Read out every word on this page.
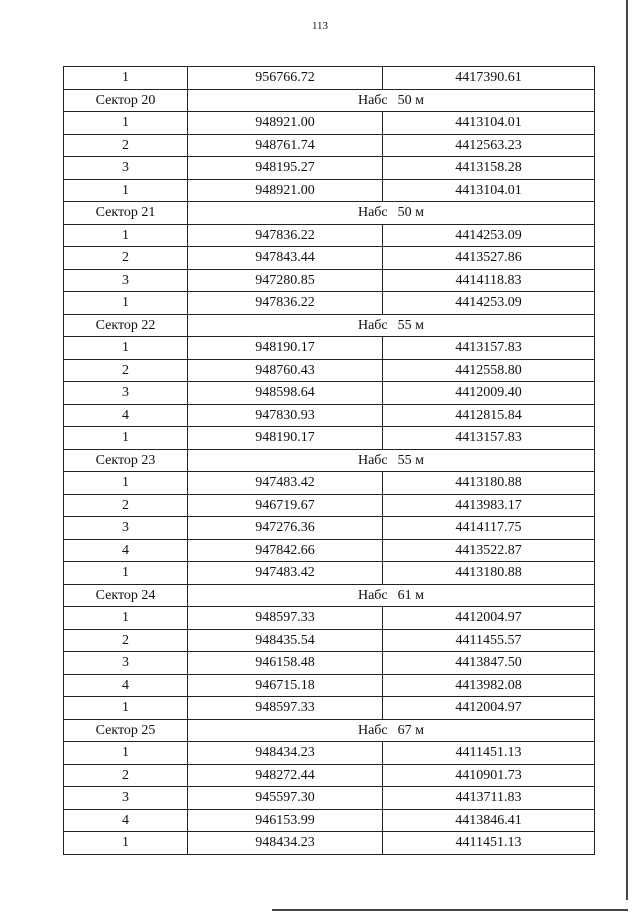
113
1	956766.72	4417390.61
Сектор 20	Набс 50 м	
1	948921.00	4413104.01
2	948761.74	4412563.23
3	948195.27	4413158.28
1	948921.00	4413104.01
Сектор 21	Набс 50 м	
1	947836.22	4414253.09
2	947843.44	4413527.86
3	947280.85	4414118.83
1	947836.22	4414253.09
Сектор 22	Набс 55 м	
1	948190.17	4413157.83
2	948760.43	4412558.80
3	948598.64	4412009.40
4	947830.93	4412815.84
1	948190.17	4413157.83
Сектор 23	Набс 55 м	
1	947483.42	4413180.88
2	946719.67	4413983.17
3	947276.36	4414117.75
4	947842.66	4413522.87
1	947483.42	4413180.88
Сектор 24	Набс 61 м	
1	948597.33	4412004.97
2	948435.54	4411455.57
3	946158.48	4413847.50
4	946715.18	4413982.08
1	948597.33	4412004.97
Сектор 25	Набс 67 м	
1	948434.23	4411451.13
2	948272.44	4410901.73
3	945597.30	4413711.83
4	946153.99	4413846.41
1	948434.23	4411451.13
